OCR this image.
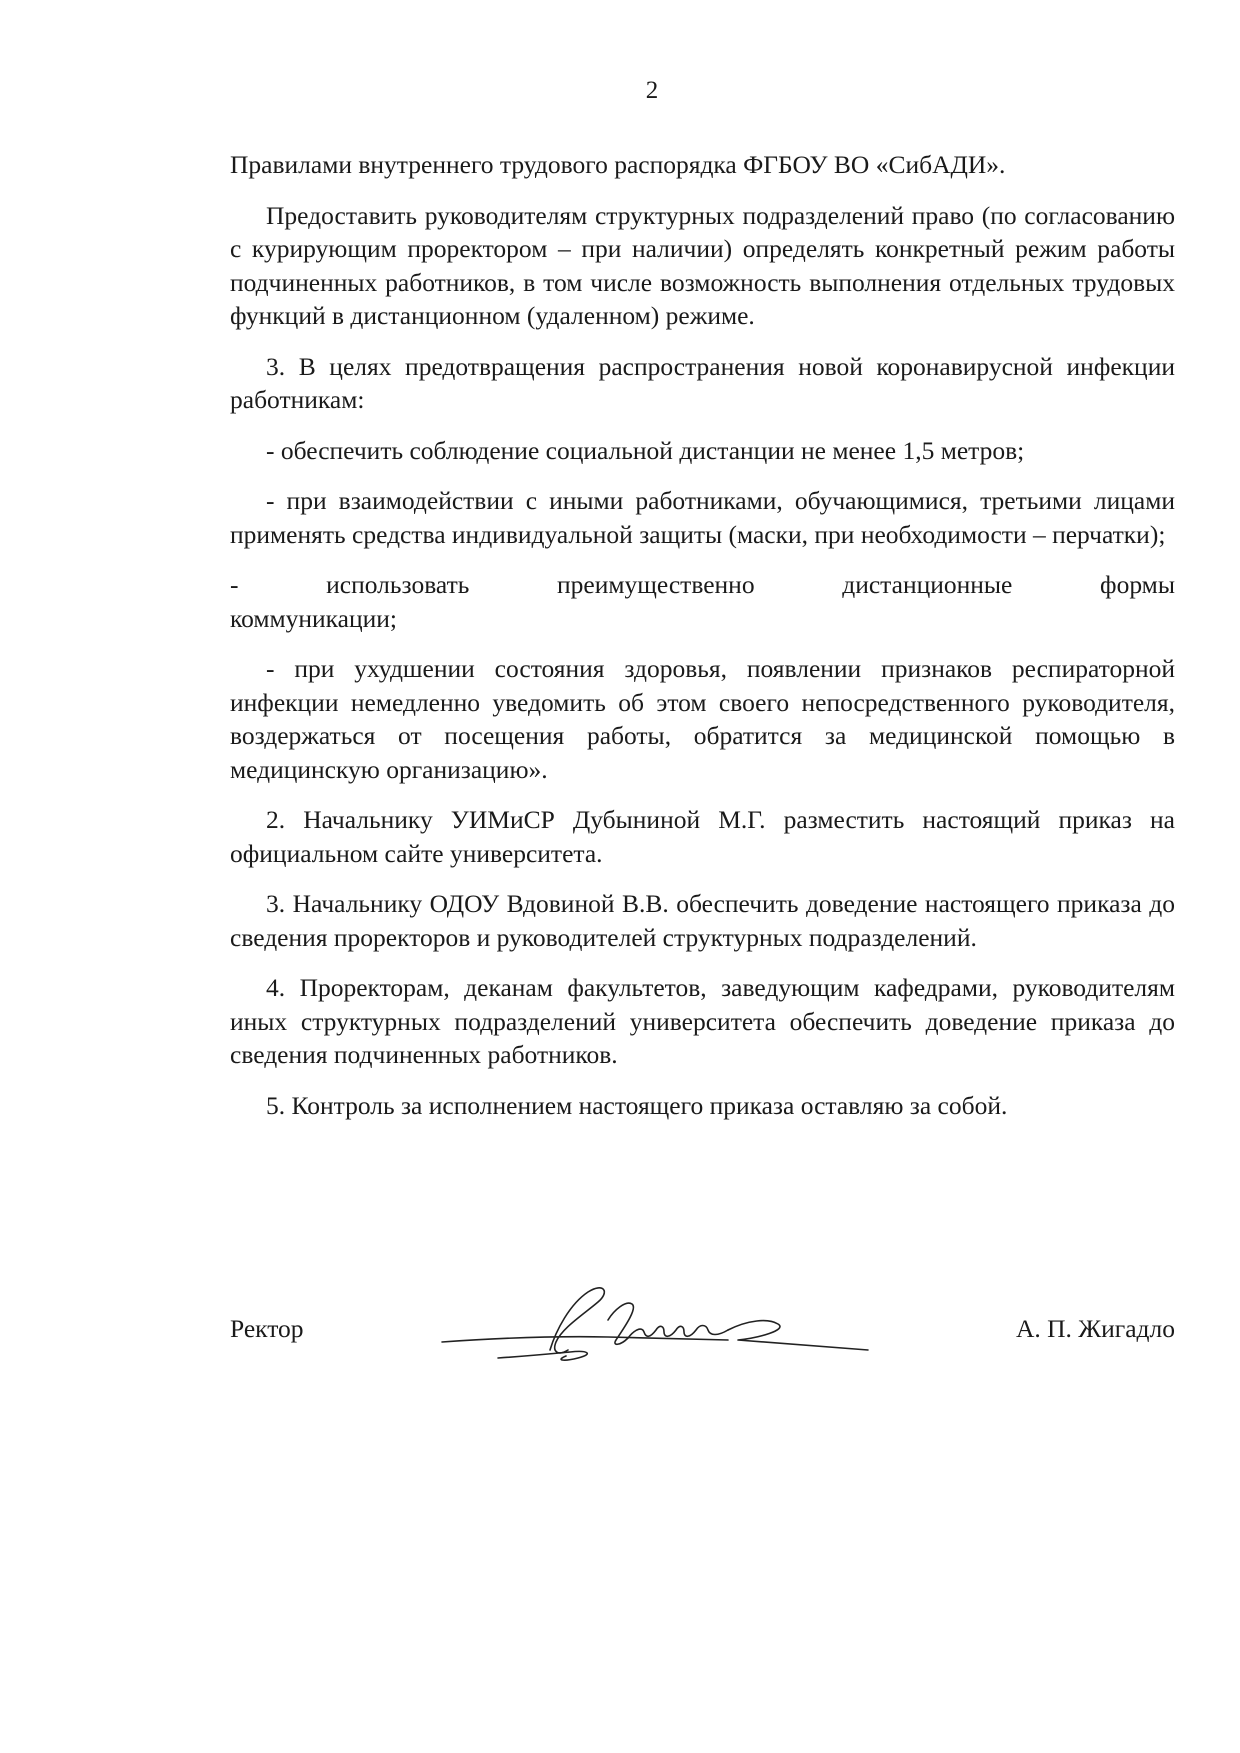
2

Правилами внутреннего трудового распорядка ФГБОУ ВО «СибАДИ».

Предоставить руководителям структурных подразделений право (по согласованию с курирующим проректором – при наличии) определять конкретный режим работы подчиненных работников, в том числе возможность выполнения отдельных трудовых функций в дистанционном (удаленном) режиме.

3. В целях предотвращения распространения новой коронавирусной инфекции работникам:

- обеспечить соблюдение социальной дистанции не менее 1,5 метров;

- при взаимодействии с иными работниками, обучающимися, третьими лицами применять средства индивидуальной защиты (маски, при необходимости – перчатки);

-	использовать	преимущественно	дистанционные	формы

коммуникации;

- при ухудшении состояния здоровья, появлении признаков респираторной инфекции немедленно уведомить об этом своего непосредственного руководителя, воздержаться от посещения работы, обратится за медицинской помощью в медицинскую организацию».

2. Начальнику УИМиСР Дубыниной М.Г. разместить настоящий приказ на официальном сайте университета.

3. Начальнику ОДОУ Вдовиной В.В. обеспечить доведение настоящего приказа до сведения проректоров и руководителей структурных подразделений.

4. Проректорам, деканам факультетов, заведующим кафедрами, руководителям иных структурных подразделений университета обеспечить доведение приказа до сведения подчиненных работников.

5. Контроль за исполнением настоящего приказа оставляю за собой.

Ректор	А. П. Жигадло
